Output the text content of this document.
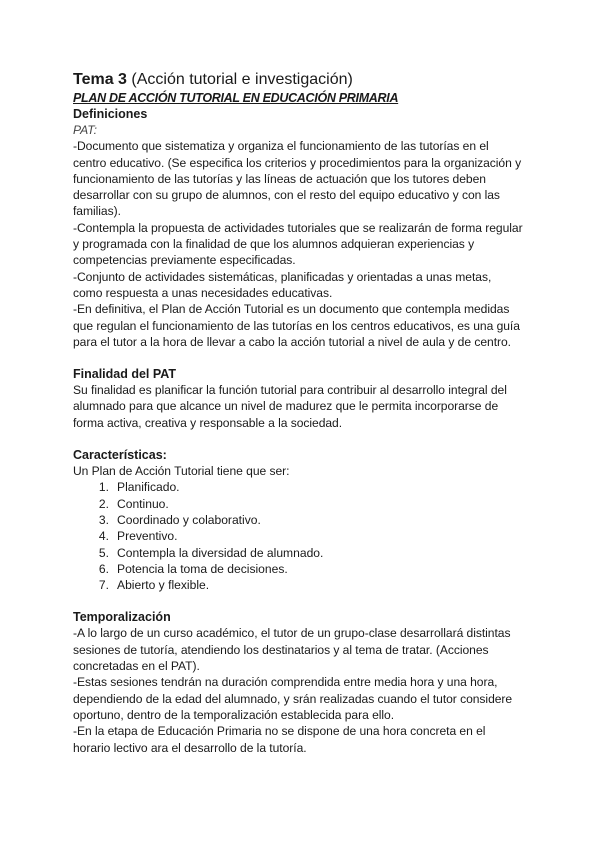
Tema 3 (Acción tutorial e investigación)

PLAN DE ACCIÓN TUTORIAL EN EDUCACIÓN PRIMARIA

Definiciones

PAT:

-Documento que sistematiza y organiza el funcionamiento de las tutorías en el

centro educativo. (Se especifica los criterios y procedimientos para la organización y

funcionamiento de las tutorías y las líneas de actuación que los tutores deben

desarrollar con su grupo de alumnos, con el resto del equipo educativo y con las

familias).

-Contempla la propuesta de actividades tutoriales que se realizarán de forma regular

y programada con la finalidad de que los alumnos adquieran experiencias y

competencias previamente especificadas.

-Conjunto de actividades sistemáticas, planificadas y orientadas a unas metas,

como respuesta a unas necesidades educativas.

-En definitiva, el Plan de Acción Tutorial es un documento que contempla medidas

que regulan el funcionamiento de las tutorías en los centros educativos, es una guía

para el tutor a la hora de llevar a cabo la acción tutorial a nivel de aula y de centro.

Finalidad del PAT

Su finalidad es planificar la función tutorial para contribuir al desarrollo integral del

alumnado para que alcance un nivel de madurez que le permita incorporarse de

forma activa, creativa y responsable a la sociedad.

Características:

Un Plan de Acción Tutorial tiene que ser:

1. Planificado.
2. Continuo.
3. Coordinado y colaborativo.
4. Preventivo.
5. Contempla la diversidad de alumnado.
6. Potencia la toma de decisiones.
7. Abierto y flexible.

Temporalización

-A lo largo de un curso académico, el tutor de un grupo-clase desarrollará distintas

sesiones de tutoría, atendiendo los destinatarios y al tema de tratar. (Acciones

concretadas en el PAT).

-Estas sesiones tendrán na duración comprendida entre media hora y una hora,

dependiendo de la edad del alumnado, y srán realizadas cuando el tutor considere

oportuno, dentro de la temporalización establecida para ello.

-En la etapa de Educación Primaria no se dispone de una hora concreta en el

horario lectivo ara el desarrollo de la tutoría.
